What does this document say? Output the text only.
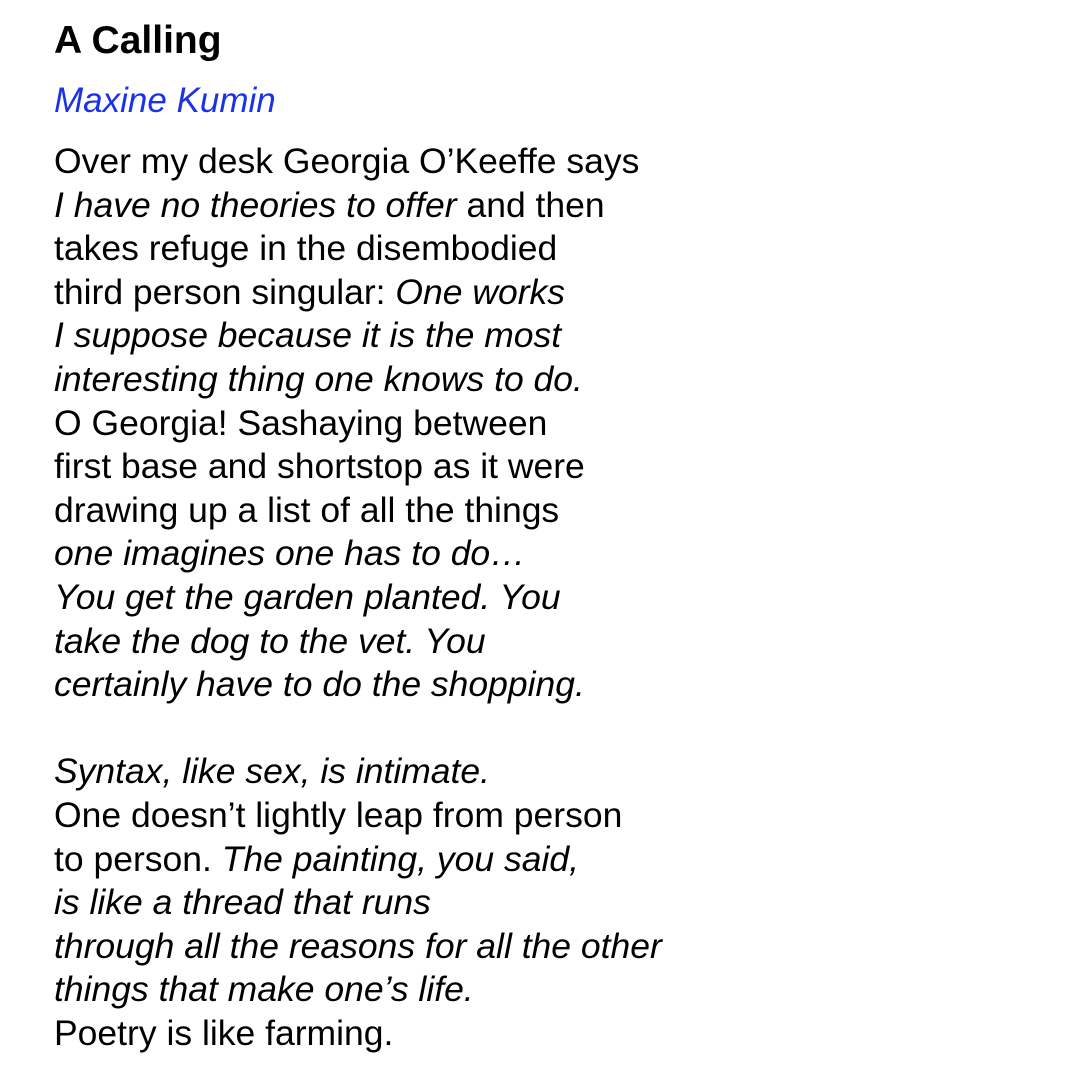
A Calling
Maxine Kumin
Over my desk Georgia O’Keeffe says
I have no theories to offer and then
takes refuge in the disembodied
third person singular: One works
I suppose because it is the most
interesting thing one knows to do.
O Georgia! Sashaying between
first base and shortstop as it were
drawing up a list of all the things
one imagines one has to do…
You get the garden planted. You
take the dog to the vet. You
certainly have to do the shopping.
Syntax, like sex, is intimate.
One doesn’t lightly leap from person
to person. The painting, you said,
is like a thread that runs
through all the reasons for all the other
things that make one’s life.
Poetry is like farming.
